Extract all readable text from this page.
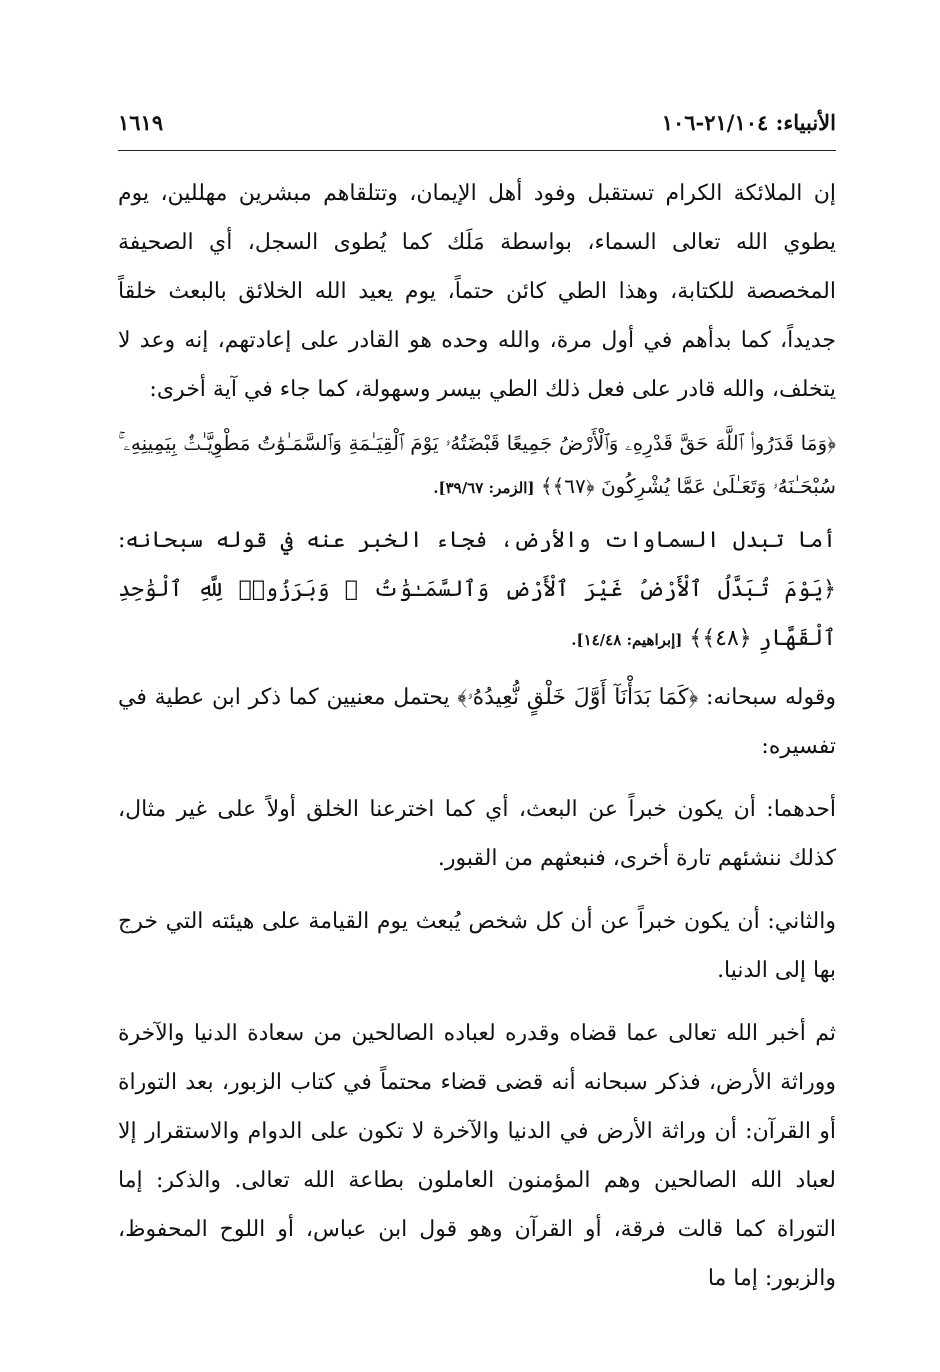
الأنبياء: ٢١/١٠٤-١٠٦
١٦١٩

إن الملائكة الكرام تستقبل وفود أهل الإيمان، وتتلقاهم مبشرين مهللين، يوم يطوي الله تعالى السماء، بواسطة مَلَك كما يُطوى السجل، أي الصحيفة المخصصة للكتابة، وهذا الطي كائن حتماً، يوم يعيد الله الخلائق بالبعث خلقاً جديداً، كما بدأهم في أول مرة، والله وحده هو القادر على إعادتهم، إنه وعد لا يتخلف، والله قادر على فعل ذلك الطي بيسر وسهولة، كما جاء في آية أخرى:

﴿وَمَا قَدَرُوا۟ ٱللَّهَ حَقَّ قَدْرِهِۦ وَٱلْأَرْضُ جَمِيعًا قَبْضَتُهُۥ يَوْمَ ٱلْقِيَـٰمَةِ وَٱلسَّمَـٰوَٰتُ مَطْوِيَّـٰتٌۢ بِيَمِينِهِۦ ۚ سُبْحَـٰنَهُۥ وَتَعَـٰلَىٰ عَمَّا يُشْرِكُونَ ﴿٦٧﴾﴾ [الزمر: ٣٩/٦٧].

أما تبدل السماوات والأرض، فجاء الخبر عنه في قوله سبحانه: ﴿يَوْمَ تُبَدَّلُ ٱلْأَرْضُ غَيْرَ ٱلْأَرْضِ وَٱلسَّمَـٰوَٰتُ ۖ وَبَرَزُوا۟ لِلَّهِ ٱلْوَٰحِدِ ٱلْقَهَّارِ ﴿٤٨﴾﴾ [إبراهيم: ١٤/٤٨].

وقوله سبحانه: ﴿كَمَا بَدَأْنَآ أَوَّلَ خَلْقٍ نُّعِيدُهُۥ﴾ يحتمل معنيين كما ذكر ابن عطية في تفسيره:

أحدهما: أن يكون خبراً عن البعث، أي كما اخترعنا الخلق أولاً على غير مثال، كذلك ننشئهم تارة أخرى، فنبعثهم من القبور.

والثاني: أن يكون خبراً عن أن كل شخص يُبعث يوم القيامة على هيئته التي خرج بها إلى الدنيا.

ثم أخبر الله تعالى عما قضاه وقدره لعباده الصالحين من سعادة الدنيا والآخرة ووراثة الأرض، فذكر سبحانه أنه قضى قضاء محتماً في كتاب الزبور، بعد التوراة أو القرآن: أن وراثة الأرض في الدنيا والآخرة لا تكون على الدوام والاستقرار إلا لعباد الله الصالحين وهم المؤمنون العاملون بطاعة الله تعالى. والذكر: إما التوراة كما قالت فرقة، أو القرآن وهو قول ابن عباس، أو اللوح المحفوظ، والزبور: إما ما
